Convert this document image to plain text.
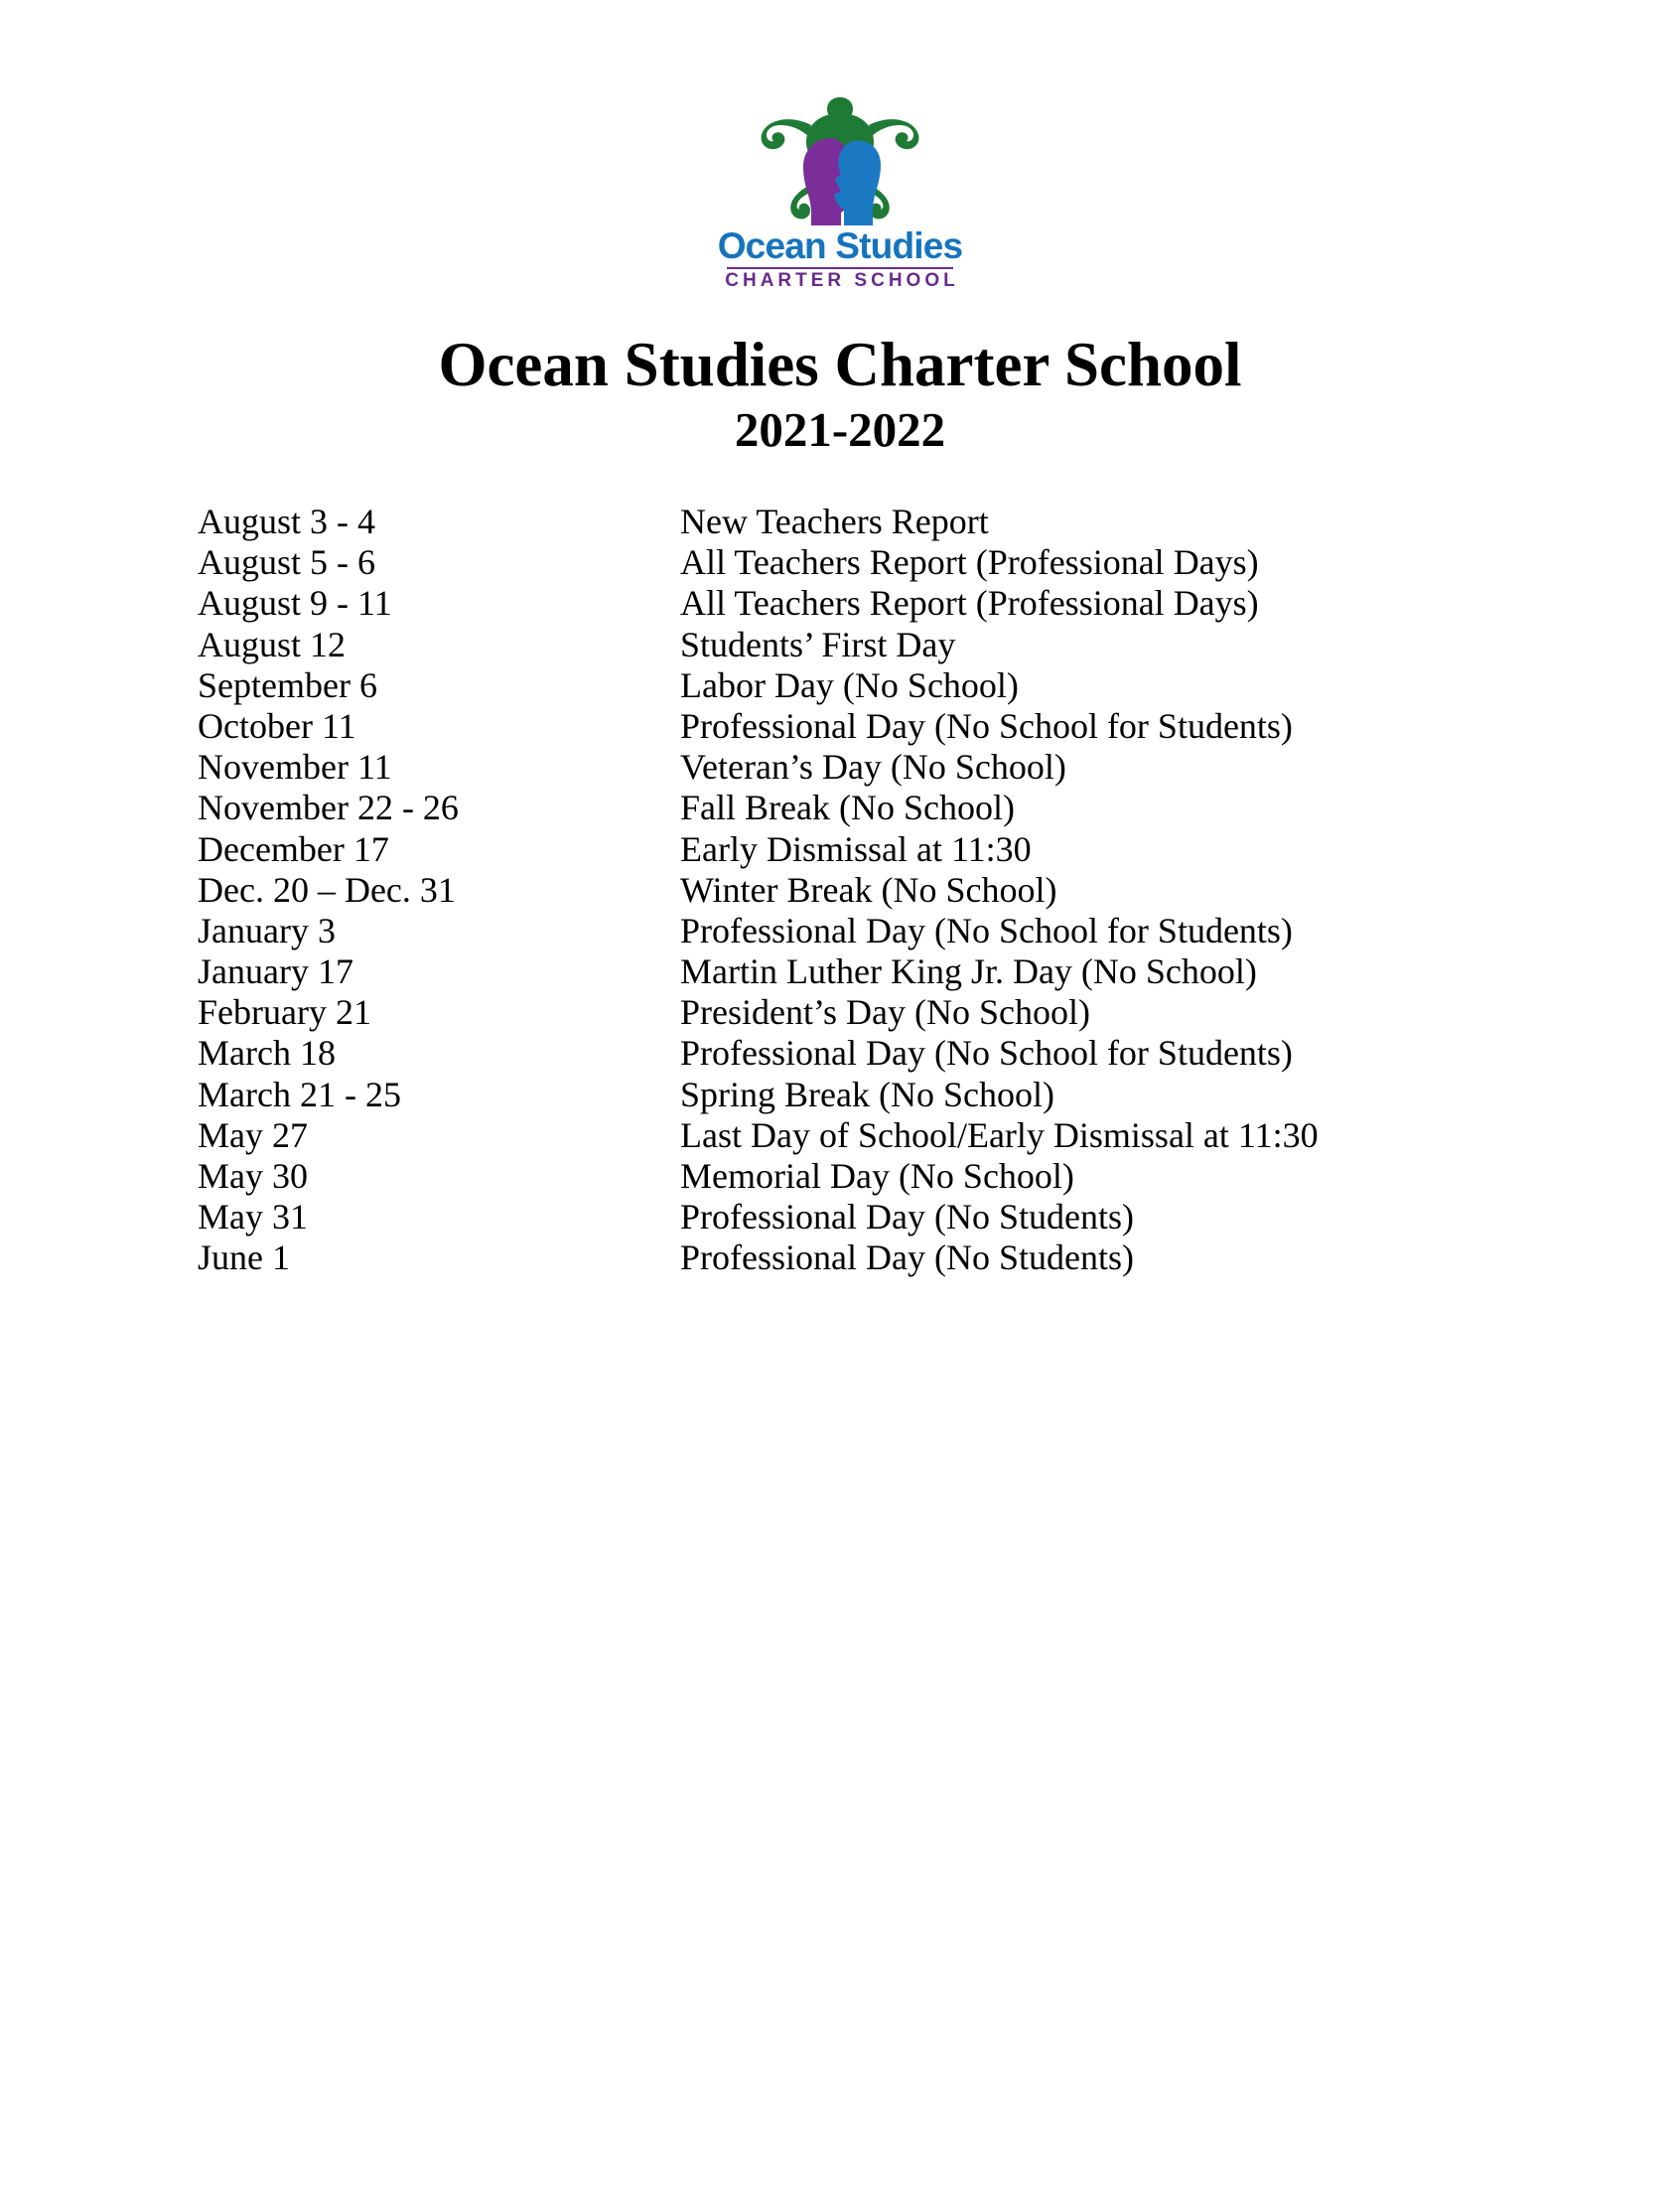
Ocean Studies
CHARTER SCHOOL
Ocean Studies Charter School
2021-2022
August 3 - 4	New Teachers Report
August 5 - 6	All Teachers Report (Professional Days)
August 9 - 11	All Teachers Report (Professional Days)
August 12	Students’ First Day
September 6	Labor Day (No School)
October 11	Professional Day (No School for Students)
November 11	Veteran’s Day (No School)
November 22 - 26	Fall Break (No School)
December 17	Early Dismissal at 11:30
Dec. 20 – Dec. 31	Winter Break (No School)
January 3	Professional Day (No School for Students)
January 17	Martin Luther King Jr. Day (No School)
February 21	President’s Day (No School)
March 18	Professional Day (No School for Students)
March 21 - 25	Spring Break (No School)
May 27	Last Day of School/Early Dismissal at 11:30
May 30	Memorial Day (No School)
May 31	Professional Day (No Students)
June 1	Professional Day (No Students)
